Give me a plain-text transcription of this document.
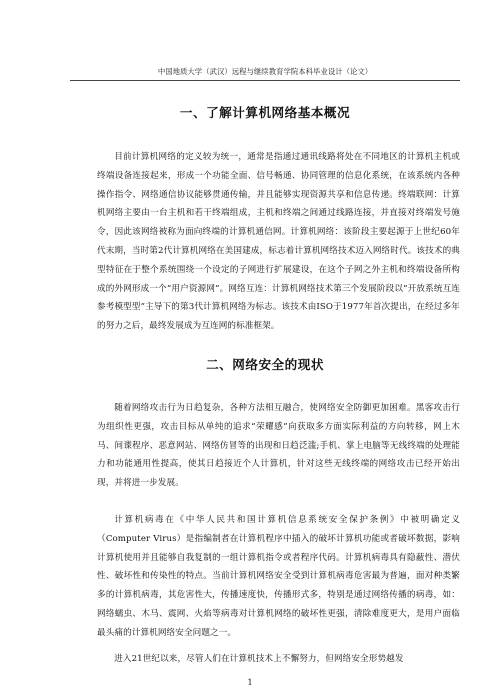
中国地质大学（武汉）远程与继续教育学院本科毕业设计（论文）
一、了解计算机网络基本概况

目前计算机网络的定义较为统一，通常是指通过通讯线路将处在不同地区的计算机主机或终端设备连接起来，形成一个功能全面、信号畅通、协同管理的信息化系统，在该系统内各种操作指令、网络通信协议能够贯通传输，并且能够实现资源共享和信息传递。终端联网：计算机网络主要由一台主机和若干终端组成，主机和终端之间通过线路连接，并直接对终端发号施令，因此该网络被称为面向终端的计算机通信网。计算机网络：该阶段主要起源于上世纪60年代末期，当时第2代计算机网络在美国建成，标志着计算机网络技术迈入网络时代。该技术的典型特征在于整个系统围绕一个设定的子网进行扩展建设，在这个子网之外主机和终端设备所构成的外网形成一个“用户资源网”。网络互连：计算机网络技术第三个发展阶段以“开放系统互连参考模型型”主导下的第3代计算机网络为标志。该技术由ISO于1977年首次提出，在经过多年的努力之后，最终发展成为互连网的标准框架。

二、网络安全的现状

随着网络攻击行为日趋复杂，各种方法相互融合，使网络安全防御更加困难。黑客攻击行为组织性更强，攻击目标从单纯的追求“荣耀感”向获取多方面实际利益的方向转移，网上木马、间谍程序、恶意网站、网络仿冒等的出现和日趋泛滥;手机、掌上电脑等无线终端的处理能力和功能通用性提高，使其日趋接近个人计算机，针对这些无线终端的网络攻击已经开始出现，并将进一步发展。

计算机病毒在《中华人民共和国计算机信息系统安全保护条例》中被明确定义（Computer Virus）是指编制者在计算机程序中插入的破坏计算机功能或者破坏数据，影响计算机使用并且能够自我复制的一组计算机指令或者程序代码。计算机病毒具有隐蔽性、潜伏性、破坏性和传染性的特点。当前计算机网络安全受到计算机病毒危害最为普遍，面对种类繁多的计算机病毒，其危害性大，传播速度快，传播形式多，特别是通过网络传播的病毒，如：网络蠕虫、木马、震网、火焰等病毒对计算机网络的破坏性更强，清除难度更大，是用户面临最头痛的计算机网络安全问题之一。

进入21世纪以来，尽管人们在计算机技术上不懈努力，但网络安全形势越发

1
